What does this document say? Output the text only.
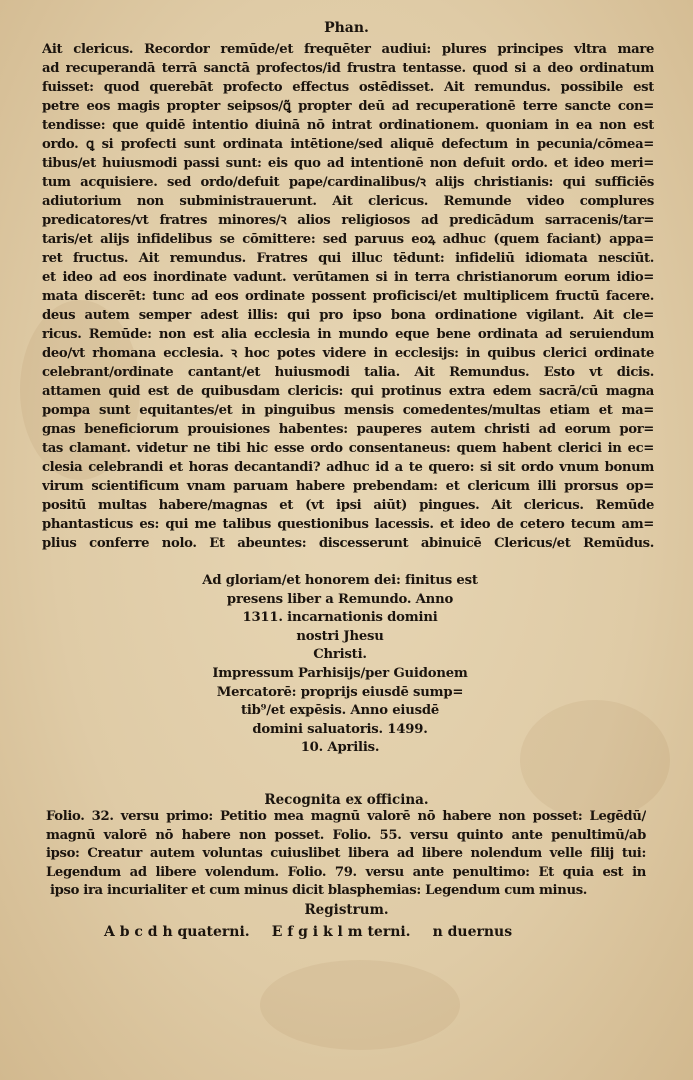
Phan.
Ait clericus. Recordor remūde/et frequēter audiui: plures principes vltra mare
ad recuperandā terrā sanctā profectos/id frustra tentasse. quod si a deo ordinatum
fuisset: quod querebāt profecto effectus ostēdisset. Ait remundus. possibile est
petre eos magis propter seipsos/ꝗ͂ propter deū ad recuperationē terre sancte con=
tendisse: que quidē intentio diuinā nō intrat ordinationem. quoniam in ea non est
ordo. ꝗ si profecti sunt ordinata intētione/sed aliquē defectum in pecunia/cōmea=
tibus/et huiusmodi passi sunt: eis quo ad intentionē non defuit ordo. et ideo meri=
tum acquisiere. sed ordo/defuit pape/cardinalibus/ꝛ alijs christianis: qui sufficiēs
adiutorium non subministrauerunt. Ait clericus. Remunde video complures
predicatores/vt fratres minores/ꝛ alios religiosos ad predicādum sarracenis/tar=
taris/et alijs infidelibus se cōmittere: sed paruus eoꝝ adhuc (quem faciant) appa=
ret fructus. Ait remundus. Fratres qui illuc tēdunt: infideliū idiomata nesciūt.
et ideo ad eos inordinate vadunt. verūtamen si in terra christianorum eorum idio=
mata discerēt: tunc ad eos ordinate possent proficisci/et multiplicem fructū facere.
deus autem semper adest illis: qui pro ipso bona ordinatione vigilant. Ait cle=
ricus. Remūde: non est alia ecclesia in mundo eque bene ordinata ad seruiendum
deo/vt rhomana ecclesia. ꝛ hoc potes videre in ecclesijs: in quibus clerici ordinate
celebrant/ordinate cantant/et huiusmodi talia. Ait Remundus. Esto vt dicis.
attamen quid est de quibusdam clericis: qui protinus extra edem sacrā/cū magna
pompa sunt equitantes/et in pinguibus mensis comedentes/multas etiam et ma=
gnas beneficiorum prouisiones habentes: pauperes autem christi ad eorum por=
tas clamant. videtur ne tibi hic esse ordo consentaneus: quem habent clerici in ec=
clesia celebrandi et horas decantandi? adhuc id a te quero: si sit ordo vnum bonum
virum scientificum vnam paruam habere prebendam: et clericum illi prorsus op=
positū multas habere/magnas et (vt ipsi aiūt) pingues. Ait clericus. Remūde
phantasticus es: qui me talibus questionibus lacessis. et ideo de cetero tecum am=
plius conferre nolo. Et abeuntes: discesserunt abinuicē Clericus/et Remūdus.
Ad gloriam/et honorem dei: finitus est
presens liber a Remundo. Anno
1311. incarnationis domini
nostri Jhesu
Christi.
Impressum Parhisijs/per Guidonem
Mercatorē: proprijs eiusdē sump=
tib⁹/et expēsis. Anno eiusdē
domini saluatoris. 1499.
10. Aprilis.
Recognita ex officina.
Folio. 32. versu primo: Petitio mea magnū valorē nō habere non posset: Legēdū/
magnū valorē nō habere non posset. Folio. 55. versu quinto ante penultimū/ab
ipso: Creatur autem voluntas cuiuslibet libera ad libere nolendum velle filij tui:
Legendum ad libere volendum. Folio. 79. versu ante penultimo: Et quia est in
ipso ira incurialiter et cum minus dicit blasphemias: Legendum cum minus.
Registrum.
A b c d h quaterni. E f g i k l m terni. n duernus
